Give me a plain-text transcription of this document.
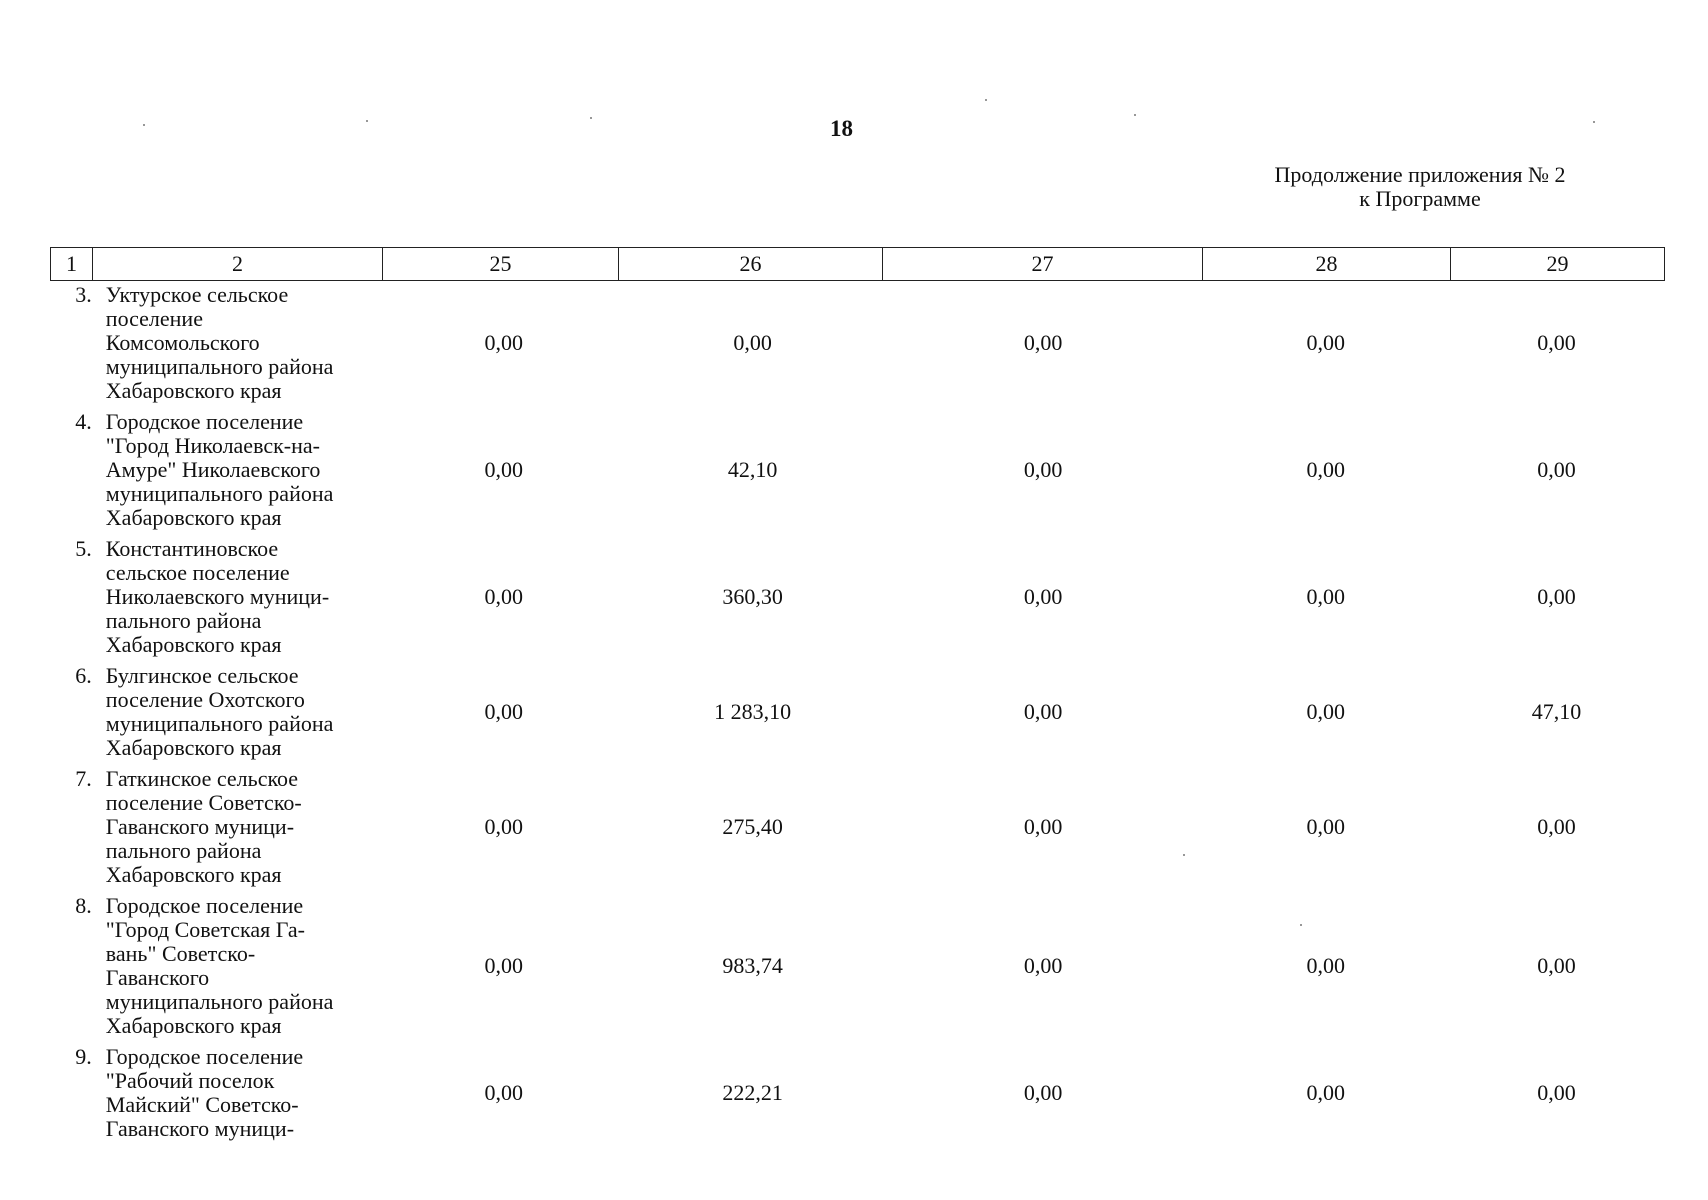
18
Продолжение приложения № 2
к Программе
1	2	25	26	27	28	29
3. Уктурское сельское
поселение
Комсомольского
муниципального района
Хабаровского края
0,00	0,00	0,00	0,00	0,00
4. Городское поселение
"Город Николаевск-на-
Амуре" Николаевского
муниципального района
Хабаровского края
0,00	42,10	0,00	0,00	0,00
5. Константиновское
сельское поселение
Николаевского муници-
пального района
Хабаровского края
0,00	360,30	0,00	0,00	0,00
6. Булгинское сельское
поселение Охотского
муниципального района
Хабаровского края
0,00	1 283,10	0,00	0,00	47,10
7. Гаткинское сельское
поселение Советско-
Гаванского муници-
пального района
Хабаровского края
0,00	275,40	0,00	0,00	0,00
8. Городское поселение
"Город Советская Га-
вань" Советско-
Гаванского
муниципального района
Хабаровского края
0,00	983,74	0,00	0,00	0,00
9. Городское поселение
"Рабочий поселок
Майский" Советско-
Гаванского муници-
0,00	222,21	0,00	0,00	0,00
